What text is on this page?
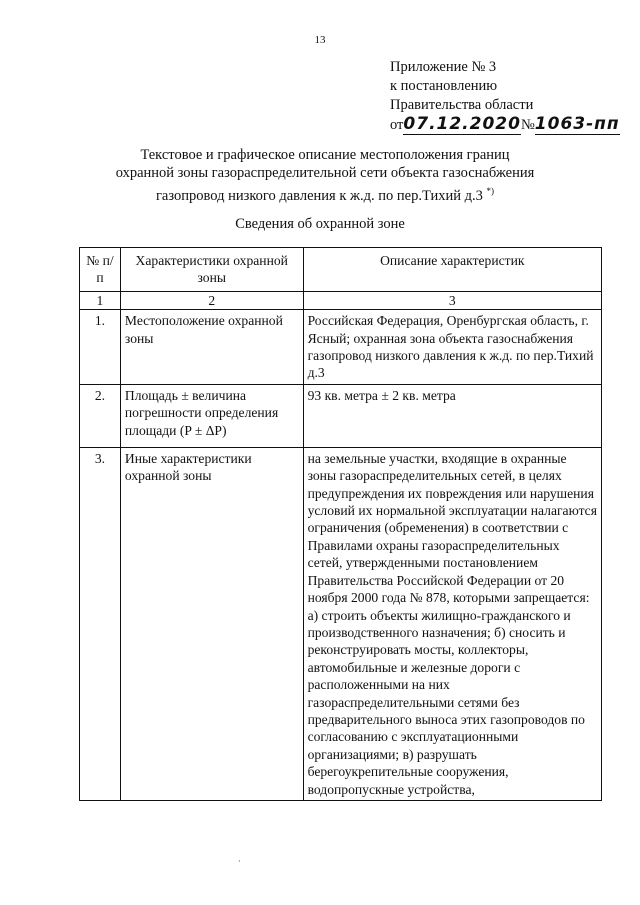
13
Приложение № 3
к постановлению
Правительства области
от07.12.2020№1063-пп
Текстовое и графическое описание местоположения границ
охранной зоны газораспределительной сети объекта газоснабжения
газопровод низкого давления к ж.д. по пер.Тихий д.3 *)
Сведения об охранной зоне
№ п/п	Характеристики охранной зоны	Описание характеристик
1	2	3
1.	Местоположение охранной зоны	Российская Федерация, Оренбургская область, г. Ясный; охранная зона объекта газоснабжения газопровод низкого давления к ж.д. по пер.Тихий д.3
2.	Площадь ± величина погрешности определения площади (P ± ΔP)	93 кв. метра ± 2 кв. метра
3.	Иные характеристики охранной зоны	на земельные участки, входящие в охранные зоны газораспределительных сетей, в целях предупреждения их повреждения или нарушения условий их нормальной эксплуатации налагаются ограничения (обременения) в соответствии с Правилами охраны газораспределительных сетей, утвержденными постановлением Правительства Российской Федерации от 20 ноября 2000 года № 878, которыми запрещается: а) строить объекты жилищно-гражданского и производственного назначения; б) сносить и реконструировать мосты, коллекторы, автомобильные и железные дороги с расположенными на них газораспределительными сетями без предварительного выноса этих газопроводов по согласованию с эксплуатационными организациями; в) разрушать берегоукрепительные сооружения, водопропускные устройства,
·
